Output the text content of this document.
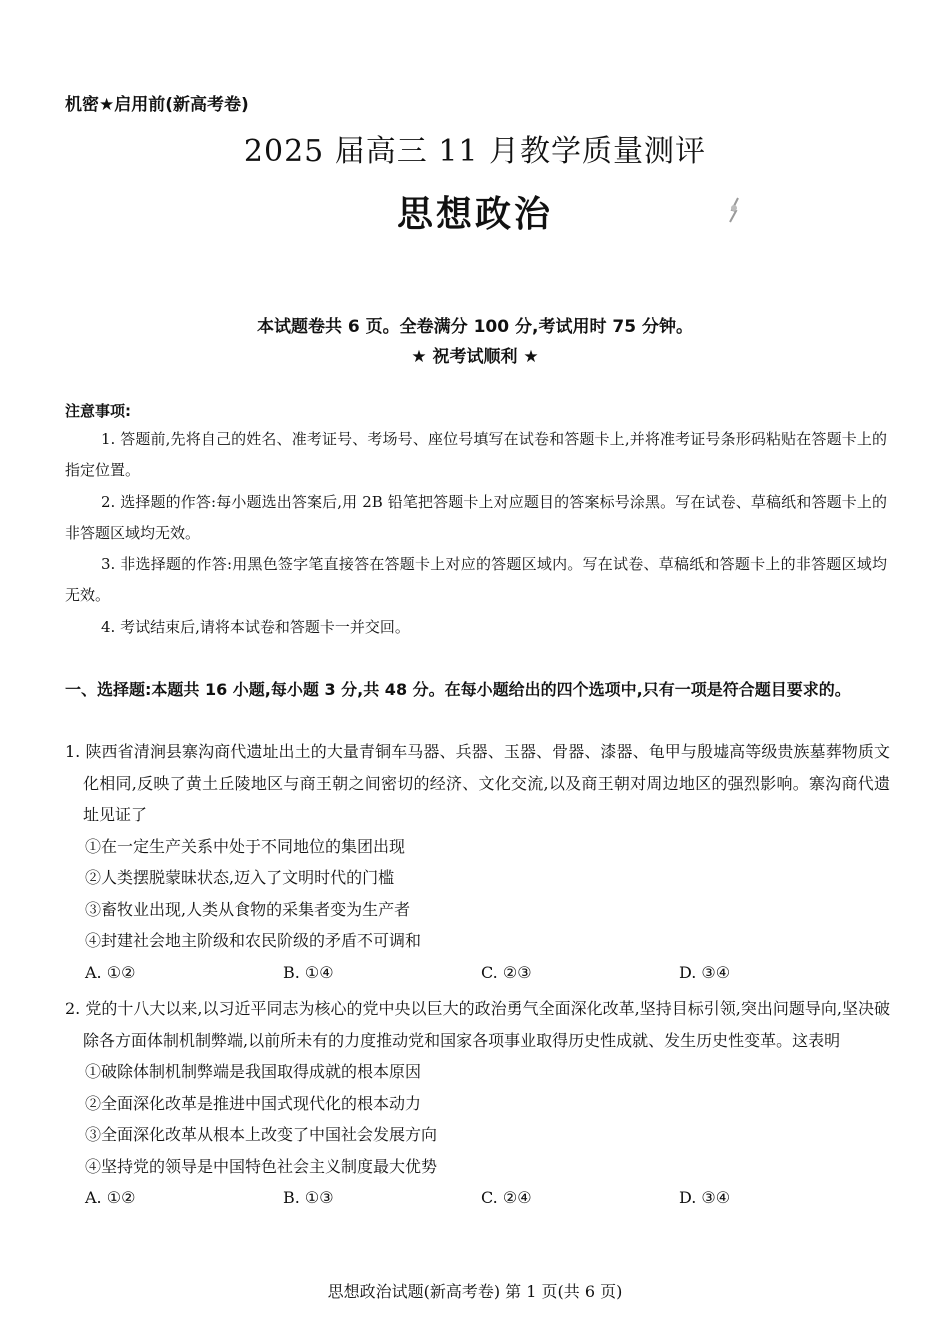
机密★启用前(新高考卷)
2025 届高三 11 月教学质量测评
思想政治
本试题卷共 6 页。全卷满分 100 分,考试用时 75 分钟。
★ 祝考试顺利 ★
注意事项:
1. 答题前,先将自己的姓名、准考证号、考场号、座位号填写在试卷和答题卡上,并将准考证号条形码粘贴在答题卡上的指定位置。
2. 选择题的作答:每小题选出答案后,用 2B 铅笔把答题卡上对应题目的答案标号涂黑。写在试卷、草稿纸和答题卡上的非答题区域均无效。
3. 非选择题的作答:用黑色签字笔直接答在答题卡上对应的答题区域内。写在试卷、草稿纸和答题卡上的非答题区域均无效。
4. 考试结束后,请将本试卷和答题卡一并交回。
一、选择题:本题共 16 小题,每小题 3 分,共 48 分。在每小题给出的四个选项中,只有一项是符合题目要求的。
1. 陕西省清涧县寨沟商代遗址出土的大量青铜车马器、兵器、玉器、骨器、漆器、龟甲与殷墟高等级贵族墓葬物质文化相同,反映了黄土丘陵地区与商王朝之间密切的经济、文化交流,以及商王朝对周边地区的强烈影响。寨沟商代遗址见证了
①在一定生产关系中处于不同地位的集团出现
②人类摆脱蒙昧状态,迈入了文明时代的门槛
③畜牧业出现,人类从食物的采集者变为生产者
④封建社会地主阶级和农民阶级的矛盾不可调和
A. ①②	B. ①④	C. ②③	D. ③④
2. 党的十八大以来,以习近平同志为核心的党中央以巨大的政治勇气全面深化改革,坚持目标引领,突出问题导向,坚决破除各方面体制机制弊端,以前所未有的力度推动党和国家各项事业取得历史性成就、发生历史性变革。这表明
①破除体制机制弊端是我国取得成就的根本原因
②全面深化改革是推进中国式现代化的根本动力
③全面深化改革从根本上改变了中国社会发展方向
④坚持党的领导是中国特色社会主义制度最大优势
A. ①②	B. ①③	C. ②④	D. ③④
思想政治试题(新高考卷) 第 1 页(共 6 页)
